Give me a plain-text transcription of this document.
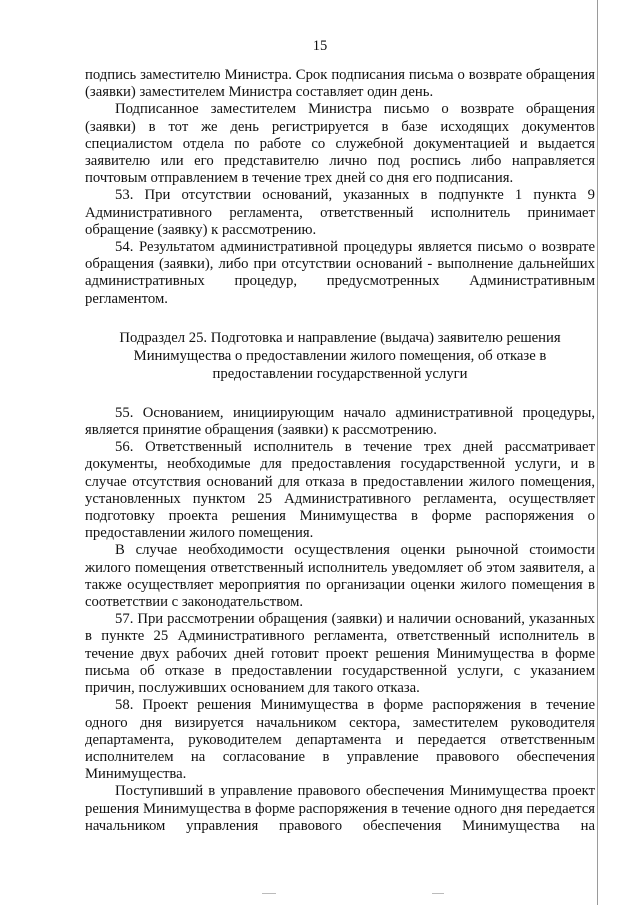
15

подпись заместителю Министра. Срок подписания письма о возврате обращения (заявки) заместителем Министра составляет один день.

Подписанное заместителем Министра письмо о возврате обращения (заявки) в тот же день регистрируется в базе исходящих документов специалистом отдела по работе со служебной документацией и выдается заявителю или его представителю лично под роспись либо направляется почтовым отправлением в течение трех дней со дня его подписания.

53. При отсутствии оснований, указанных в подпункте 1 пункта 9 Административного регламента, ответственный исполнитель принимает обращение (заявку) к рассмотрению.

54. Результатом административной процедуры является письмо о возврате обращения (заявки), либо при отсутствии оснований - выполнение дальнейших административных процедур, предусмотренных Административным регламентом.

Подраздел 25. Подготовка и направление (выдача) заявителю решения Минимущества о предоставлении жилого помещения, об отказе в предоставлении государственной услуги

55. Основанием, инициирующим начало административной процедуры, является принятие обращения (заявки) к рассмотрению.

56. Ответственный исполнитель в течение трех дней рассматривает документы, необходимые для предоставления государственной услуги, и в случае отсутствия оснований для отказа в предоставлении жилого помещения, установленных пунктом 25 Административного регламента, осуществляет подготовку проекта решения Минимущества в форме распоряжения о предоставлении жилого помещения.

В случае необходимости осуществления оценки рыночной стоимости жилого помещения ответственный исполнитель уведомляет об этом заявителя, а также осуществляет мероприятия по организации оценки жилого помещения в соответствии с законодательством.

57. При рассмотрении обращения (заявки) и наличии оснований, указанных в пункте 25 Административного регламента, ответственный исполнитель в течение двух рабочих дней готовит проект решения Минимущества в форме письма об отказе в предоставлении государственной услуги, с указанием причин, послуживших основанием для такого отказа.

58. Проект решения Минимущества в форме распоряжения в течение одного дня визируется начальником сектора, заместителем руководителя департамента, руководителем департамента и передается ответственным исполнителем на согласование в управление правового обеспечения Минимущества.

Поступивший в управление правового обеспечения Минимущества проект решения Минимущества в форме распоряжения в течение одного дня передается начальником управления правового обеспечения Минимущества на
